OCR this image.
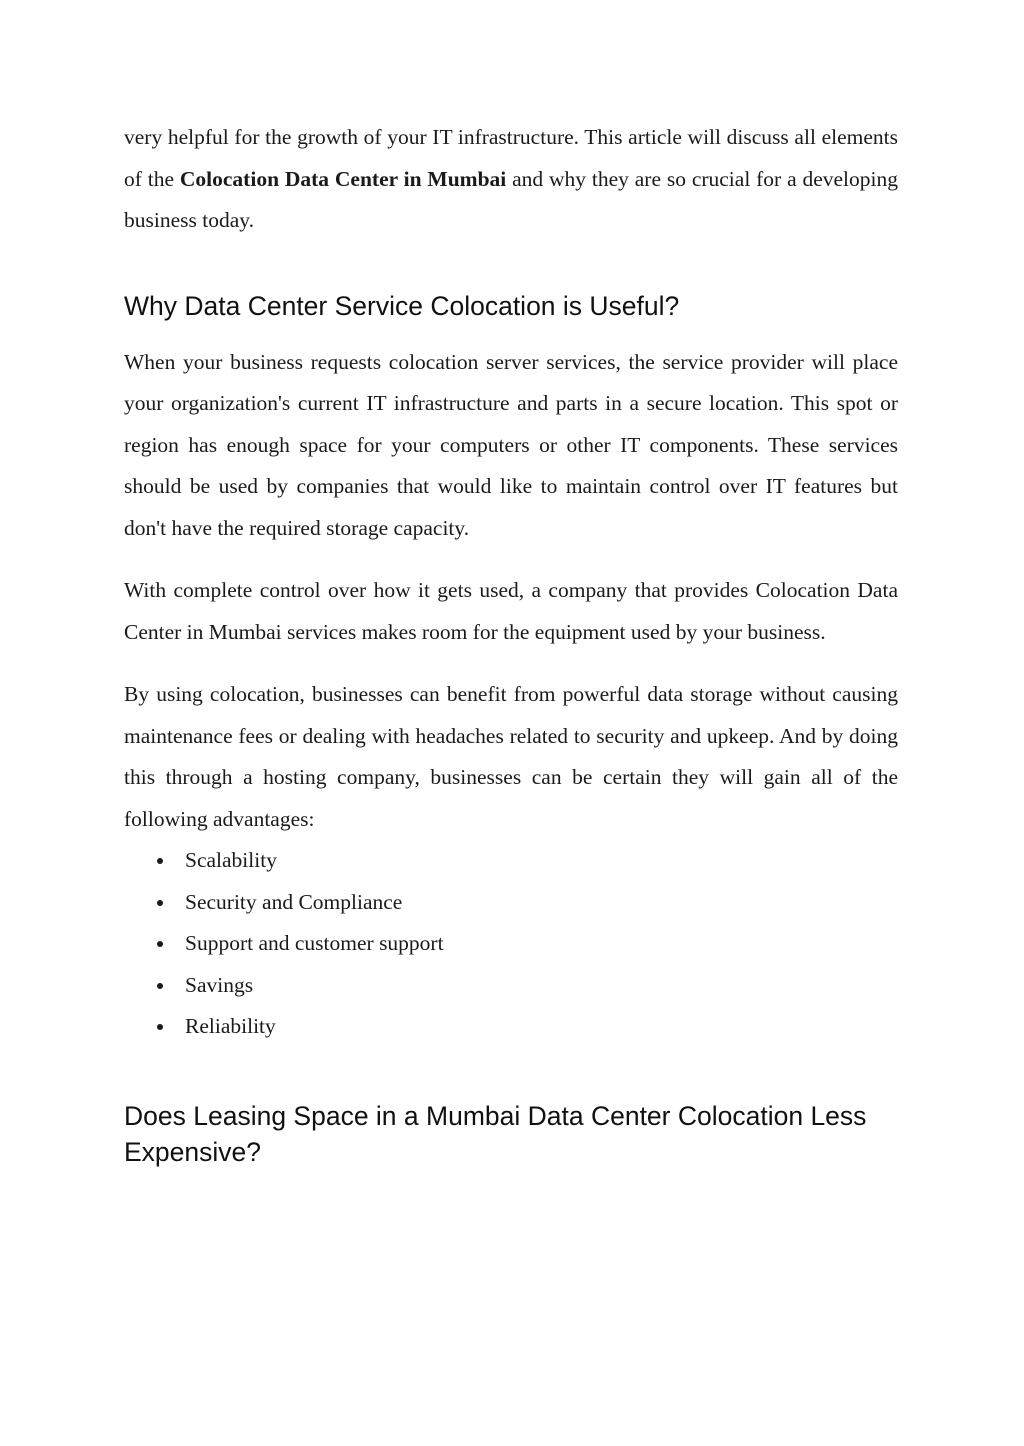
very helpful for the growth of your IT infrastructure. This article will discuss all elements of the Colocation Data Center in Mumbai and why they are so crucial for a developing business today.

Why Data Center Service Colocation is Useful?

When your business requests colocation server services, the service provider will place your organization's current IT infrastructure and parts in a secure location. This spot or region has enough space for your computers or other IT components. These services should be used by companies that would like to maintain control over IT features but don't have the required storage capacity.

With complete control over how it gets used, a company that provides Colocation Data Center in Mumbai services makes room for the equipment used by your business.

By using colocation, businesses can benefit from powerful data storage without causing maintenance fees or dealing with headaches related to security and upkeep. And by doing this through a hosting company, businesses can be certain they will gain all of the following advantages:

Scalability
Security and Compliance
Support and customer support
Savings
Reliability
Does Leasing Space in a Mumbai Data Center Colocation Less Expensive?
